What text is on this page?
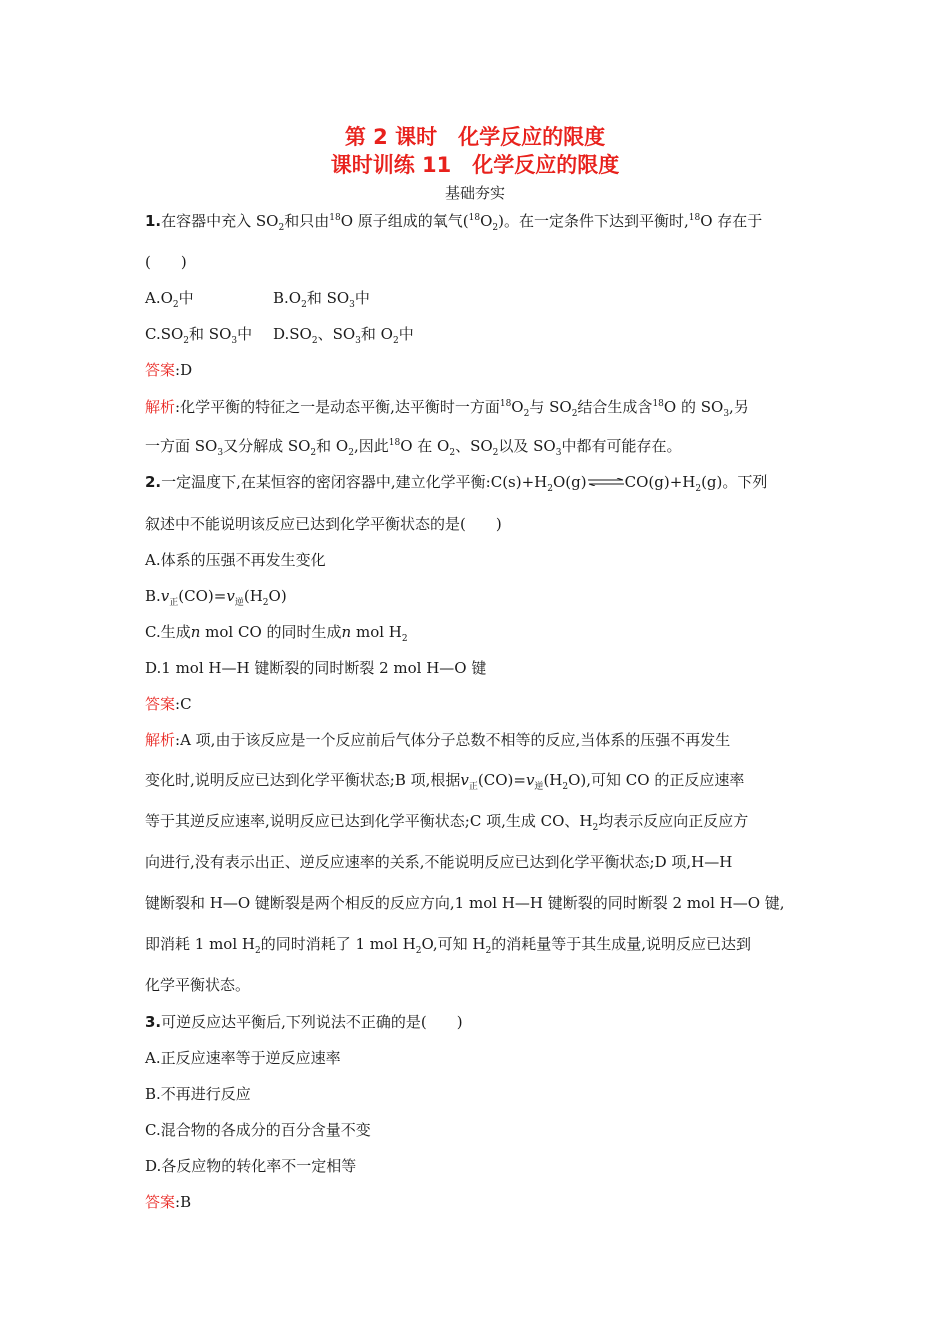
第 2 课时　化学反应的限度
课时训练 11　化学反应的限度
基础夯实
1.在容器中充入 $SO_2$和只由$^{18}$O 原子组成的氧气$(^{18}O_2)$。在一定条件下达到平衡时,$^{18}$O 存在于
(　　)
$A.O_2$中	$B.O_2$和 $SO_3$中
$C.SO_2$和 $SO_3$中 $D.SO_2$、$SO_3$和 $O_2$中
答案:D
解析:化学平衡的特征之一是动态平衡,达平衡时一方面$^{18}O_2$与 $SO_2$结合生成含$^{18}$O 的 $SO_3$,另
一方面 $SO_3$又分解成 $SO_2$和 $O_2$,因此$^{18}$O 在 $O_2$、$SO_2$以及 $SO_3$中都有可能存在。
2.一定温度下,在某恒容的密闭容器中,建立化学平衡$:C(s)+H_2O(g)\rightleftharpoons CO(g)+H_2(g)$。下列
叙述中不能说明该反应已达到化学平衡状态的是(　　)
A.体系的压强不再发生变化
$B.v_正(CO)=v_逆(H_2O)$
C.生成n mol CO 的同时生成n mol $H_2$
D.1 mol H—H 键断裂的同时断裂 2 mol H—O 键
答案:C
解析:A 项,由于该反应是一个反应前后气体分子总数不相等的反应,当体系的压强不再发生
变化时,说明反应已达到化学平衡状态;B 项,根据$v_正(CO)=v_逆(H_2O)$,可知 CO 的正反应速率
等于其逆反应速率,说明反应已达到化学平衡状态;C 项,生成 CO、$H_2$均表示反应向正反应方
向进行,没有表示出正、逆反应速率的关系,不能说明反应已达到化学平衡状态;D 项,H—H
键断裂和 H—O 键断裂是两个相反的反应方向,1 mol H—H 键断裂的同时断裂 2 mol H—O 键,
即消耗 1 mol $H_2$的同时消耗了 1 mol $H_2O$,可知 $H_2$的消耗量等于其生成量,说明反应已达到
化学平衡状态。
3.可逆反应达平衡后,下列说法不正确的是(　　)
A.正反应速率等于逆反应速率
B.不再进行反应
C.混合物的各成分的百分含量不变
D.各反应物的转化率不一定相等
答案:B
